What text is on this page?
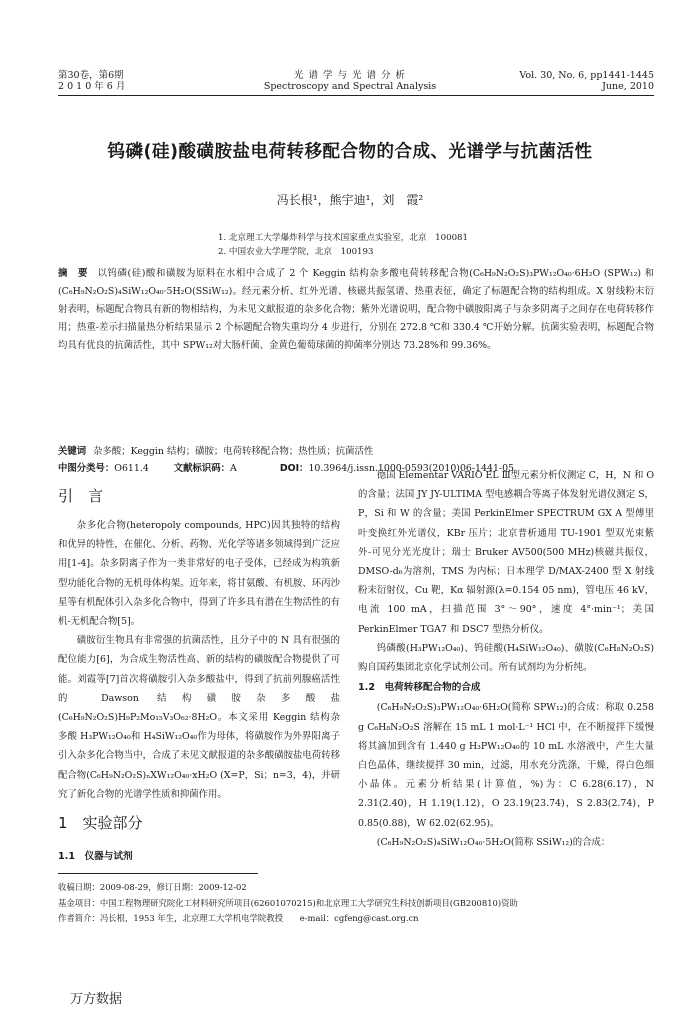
第30卷，第6期
2 0 1 0 年 6 月
光 谱 学 与 光 谱 分 析
Spectroscopy and Spectral Analysis
Vol. 30, No. 6, pp1441-1445
June, 2010
钨磷(硅)酸磺胺盐电荷转移配合物的合成、光谱学与抗菌活性
冯长根¹，熊宇迪¹，刘　霞²
1. 北京理工大学爆炸科学与技术国家重点实验室，北京　100081
2. 中国农业大学理学院，北京　100193
摘　要 以钨磷(硅)酸和磺胺为原料在水相中合成了 2 个 Keggin 结构杂多酸电荷转移配合物(C₆H₉N₂O₂S)₃PW₁₂O₄₀·6H₂O (SPW₁₂) 和(C₆H₉N₂O₂S)₄SiW₁₂O₄₀·5H₂O(SSiW₁₂)。经元素分析、红外光谱、核磁共振氢谱、热重表征，确定了标题配合物的结构组成。X 射线粉末衍射表明，标题配合物具有新的物相结构，为未见文献报道的杂多化合物；紫外光谱说明，配合物中磺胺阳离子与杂多阴离子之间存在电荷转移作用；热重-差示扫描量热分析结果显示 2 个标题配合物失重均分 4 步进行，分别在 272.8 ℃和 330.4 ℃开始分解。抗菌实验表明，标题配合物均具有优良的抗菌活性，其中 SPW₁₂对大肠杆菌、金黄色葡萄球菌的抑菌率分别达 73.28%和 99.36%。
关键词 杂多酸；Keggin 结构；磺胺；电荷转移配合物；热性质；抗菌活性
中图分类号：O611.4	文献标识码：A	DOI：10.3964/j.issn.1000-0593(2010)06-1441-05
引　言

杂多化合物(heteropoly compounds, HPC)因其独特的结构和优异的特性，在催化、分析、药物、光化学等诸多领域得到广泛应用[1-4]。杂多阴离子作为一类非常好的电子受体，已经成为构筑新型功能化合物的无机母体构架。近年来，将甘氨酸、有机胺、环丙沙星等有机配体引入杂多化合物中，得到了许多具有潜在生物活性的有机-无机配合物[5]。

磺胺衍生物具有非常强的抗菌活性，且分子中的 N 具有很强的配位能力[6]，为合成生物活性高、新的结构的磺胺配合物提供了可能。刘霞等[7]首次将磺胺引入杂多酸盐中，得到了抗前列腺癌活性的 Dawson 结构磺胺杂多酸盐(C₆H₉N₂O₂S)H₉P₂Mo₁₅V₃O₆₂·8H₂O。本文采用 Keggin 结构杂多酸 H₃PW₁₂O₄₀和 H₄SiW₁₂O₄₀作为母体，将磺胺作为外界阳离子引入杂多化合物当中，合成了未见文献报道的杂多酸磺胺盐电荷转移配合物(C₆H₉N₂O₂S)ₙXW₁₂O₄₀·xH₂O (X=P，Si；n=3，4)，并研究了新化合物的光谱学性质和抑菌作用。

1　实验部分
1.1　仪器与试剂

德国 Elementar VARIO EL Ⅲ型元素分析仪测定 C，H，N 和 O 的含量；法国 JY JY-ULTIMA 型电感耦合等离子体发射光谱仪测定 S，P，Si 和 W 的含量；美国 PerkinElmer SPECTRUM GX A 型傅里叶变换红外光谱仪，KBr 压片；北京普析通用 TU-1901 型双光束紫外-可见分光光度计；瑞士 Bruker AV500(500 MHz)核磁共振仪，DMSO-d₆为溶剂，TMS 为内标；日本理学 D/MAX-2400 型 X 射线粉末衍射仪，Cu 靶，Kα 辐射源(λ=0.154 05 nm)，管电压 46 kV，电流 100 mA，扫描范围 3°～90°，速度 4°·min⁻¹；美国 PerkinElmer TGA7 和 DSC7 型热分析仪。

钨磷酸(H₃PW₁₂O₄₀)、钨硅酸(H₄SiW₁₂O₄₀)、磺胺(C₆H₈N₂O₂S)购自国药集团北京化学试剂公司。所有试剂均为分析纯。

1.2　电荷转移配合物的合成

(C₆H₉N₂O₂S)₃PW₁₂O₄₀·6H₂O(简称 SPW₁₂)的合成：称取 0.258 g C₆H₈N₂O₂S 溶解在 15 mL 1 mol·L⁻¹ HCl 中，在不断搅拌下缓慢将其滴加到含有 1.440 g H₃PW₁₂O₄₀的 10 mL 水溶液中，产生大量白色晶体，继续搅拌 30 min，过滤，用水充分洗涤，干燥，得白色细小晶体。元素分析结果(计算值，%)为：C 6.28(6.17)，N 2.31(2.40)，H 1.19(1.12)，O 23.19(23.74)，S 2.83(2.74)，P 0.85(0.88)，W 62.02(62.95)。

(C₆H₉N₂O₂S)₄SiW₁₂O₄₀·5H₂O(简称 SSiW₁₂)的合成：

收稿日期：2009-08-29，修订日期：2009-12-02
基金项目：中国工程物理研究院化工材料研究所项目(62601070215)和北京理工大学研究生科技创新项目(GB200810)资助
作者简介：冯长根，1953 年生，北京理工大学机电学院教授　　e-mail：cgfeng@cast.org.cn
万方数据
